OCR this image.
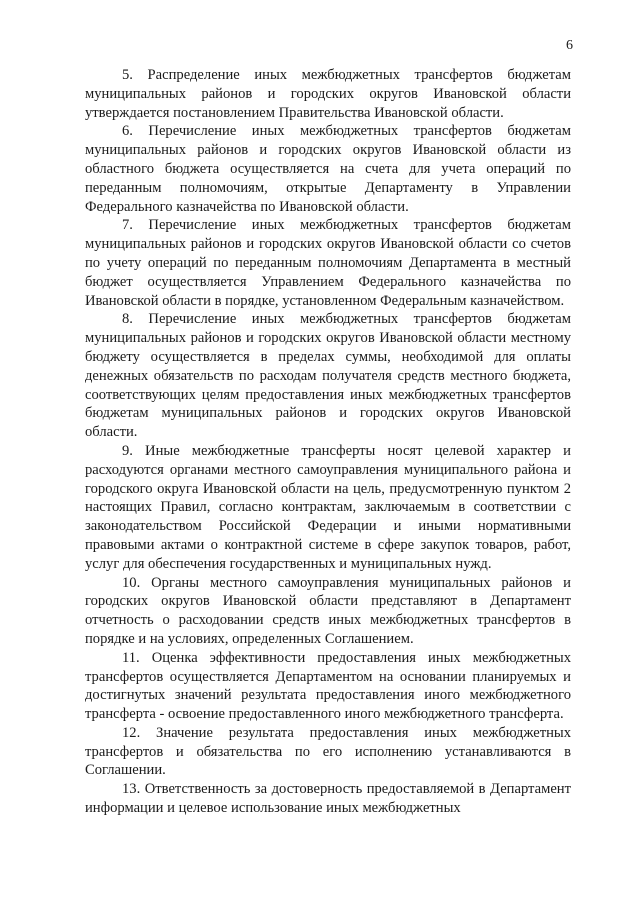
6

5. Распределение иных межбюджетных трансфертов бюджетам муниципальных районов и городских округов Ивановской области утверждается постановлением Правительства Ивановской области.

6. Перечисление иных межбюджетных трансфертов бюджетам муниципальных районов и городских округов Ивановской области из областного бюджета осуществляется на счета для учета операций по переданным полномочиям, открытые Департаменту в Управлении Федерального казначейства по Ивановской области.

7. Перечисление иных межбюджетных трансфертов бюджетам муниципальных районов и городских округов Ивановской области со счетов по учету операций по переданным полномочиям Департамента в местный бюджет осуществляется Управлением Федерального казначейства по Ивановской области в порядке, установленном Федеральным казначейством.

8. Перечисление иных межбюджетных трансфертов бюджетам муниципальных районов и городских округов Ивановской области местному бюджету осуществляется в пределах суммы, необходимой для оплаты денежных обязательств по расходам получателя средств местного бюджета, соответствующих целям предоставления иных межбюджетных трансфертов бюджетам муниципальных районов и городских округов Ивановской области.

9. Иные межбюджетные трансферты носят целевой характер и расходуются органами местного самоуправления муниципального района и городского округа Ивановской области на цель, предусмотренную пунктом 2 настоящих Правил, согласно контрактам, заключаемым в соответствии с законодательством Российской Федерации и иными нормативными правовыми актами о контрактной системе в сфере закупок товаров, работ, услуг для обеспечения государственных и муниципальных нужд.

10. Органы местного самоуправления муниципальных районов и городских округов Ивановской области представляют в Департамент отчетность о расходовании средств иных межбюджетных трансфертов в порядке и на условиях, определенных Соглашением.

11. Оценка эффективности предоставления иных межбюджетных трансфертов осуществляется Департаментом на основании планируемых и достигнутых значений результата предоставления иного межбюджетного трансферта - освоение предоставленного иного межбюджетного трансферта.

12. Значение результата предоставления иных межбюджетных трансфертов и обязательства по его исполнению устанавливаются в Соглашении.

13. Ответственность за достоверность предоставляемой в Департамент информации и целевое использование иных межбюджетных
